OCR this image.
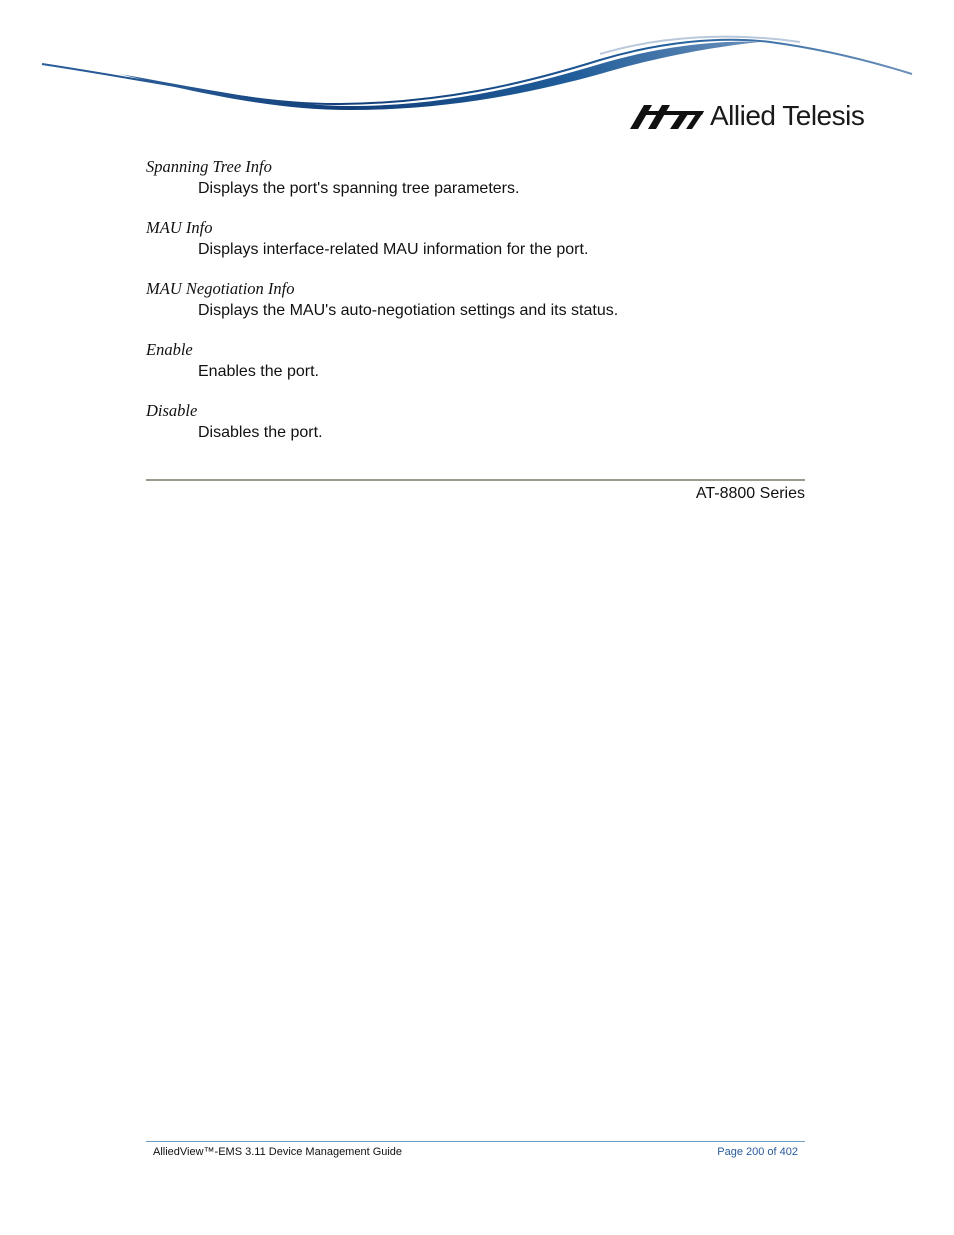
Allied Telesis
Spanning Tree Info
Displays the port's spanning tree parameters.
MAU Info
Displays interface-related MAU information for the port.
MAU Negotiation Info
Displays the MAU's auto-negotiation settings and its status.
Enable
Enables the port.
Disable
Disables the port.
AT-8800 Series
AlliedView™-EMS 3.11 Device Management Guide	Page 200 of 402
